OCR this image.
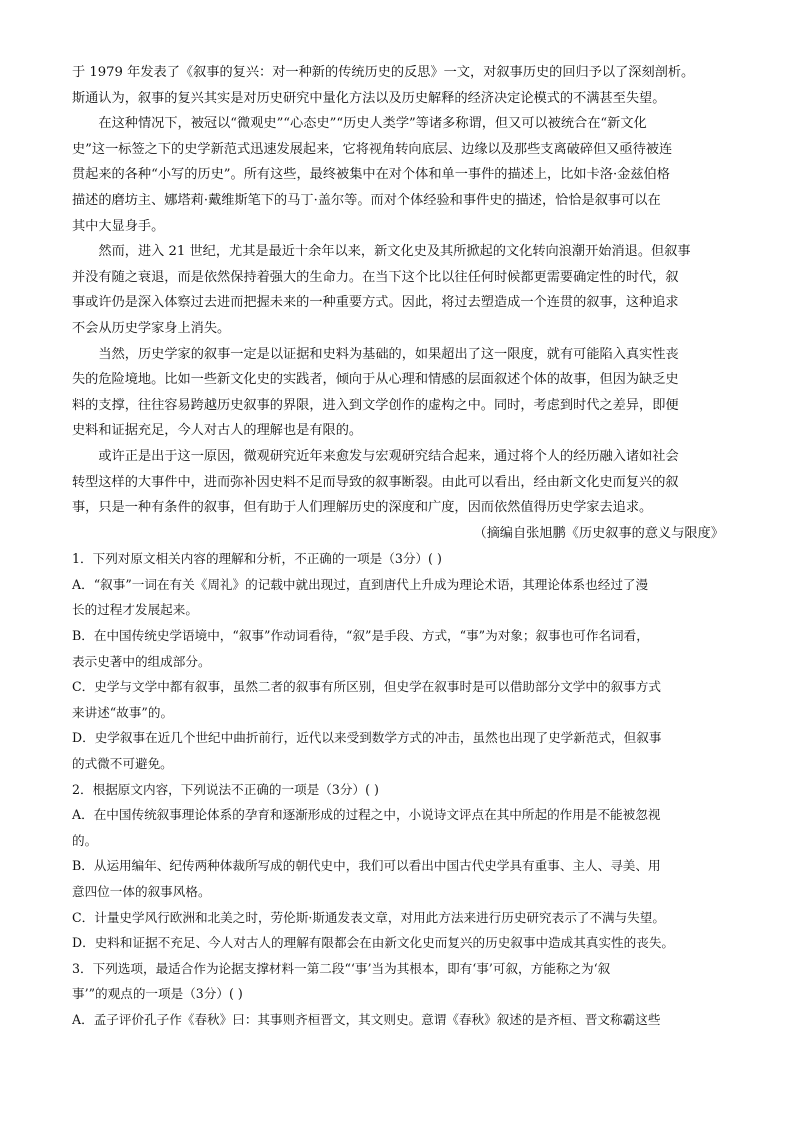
于 1979 年发表了《叙事的复兴：对一种新的传统历史的反思》一文，对叙事历史的回归予以了深刻剖析。
斯通认为，叙事的复兴其实是对历史研究中量化方法以及历史解释的经济决定论模式的不满甚至失望。
在这种情况下，被冠以“微观史”“心态史”“历史人类学”等诸多称谓，但又可以被统合在“新文化
史”这一标签之下的史学新范式迅速发展起来，它将视角转向底层、边缘以及那些支离破碎但又亟待被连
贯起来的各种“小写的历史”。所有这些，最终被集中在对个体和单一事件的描述上，比如卡洛·金兹伯格
描述的磨坊主、娜塔莉·戴维斯笔下的马丁·盖尔等。而对个体经验和事件史的描述，恰恰是叙事可以在
其中大显身手。
然而，进入 21 世纪，尤其是最近十余年以来，新文化史及其所掀起的文化转向浪潮开始消退。但叙事
并没有随之衰退，而是依然保持着强大的生命力。在当下这个比以往任何时候都更需要确定性的时代，叙
事或许仍是深入体察过去进而把握未来的一种重要方式。因此，将过去塑造成一个连贯的叙事，这种追求
不会从历史学家身上消失。
当然，历史学家的叙事一定是以证据和史料为基础的，如果超出了这一限度，就有可能陷入真实性丧
失的危险境地。比如一些新文化史的实践者，倾向于从心理和情感的层面叙述个体的故事，但因为缺乏史
料的支撑，往往容易跨越历史叙事的界限，进入到文学创作的虚构之中。同时，考虑到时代之差异，即便
史料和证据充足，今人对古人的理解也是有限的。
或许正是出于这一原因，微观研究近年来愈发与宏观研究结合起来，通过将个人的经历融入诸如社会
转型这样的大事件中，进而弥补因史料不足而导致的叙事断裂。由此可以看出，经由新文化史而复兴的叙
事，只是一种有条件的叙事，但有助于人们理解历史的深度和广度，因而依然值得历史学家去追求。
（摘编自张旭鹏《历史叙事的意义与限度》
1．下列对原文相关内容的理解和分析，不正确的一项是（3分）( )
A．“叙事”一词在有关《周礼》的记载中就出现过，直到唐代上升成为理论术语，其理论体系也经过了漫
长的过程才发展起来。
B．在中国传统史学语境中，“叙事”作动词看待，“叙”是手段、方式，“事”为对象；叙事也可作名词看，
表示史著中的组成部分。
C．史学与文学中都有叙事，虽然二者的叙事有所区别，但史学在叙事时是可以借助部分文学中的叙事方式
来讲述“故事”的。
D．史学叙事在近几个世纪中曲折前行，近代以来受到数学方式的冲击，虽然也出现了史学新范式，但叙事
的式微不可避免。
2．根据原文内容，下列说法不正确的一项是（3分）( )
A．在中国传统叙事理论体系的孕育和逐渐形成的过程之中，小说诗文评点在其中所起的作用是不能被忽视
的。
B．从运用编年、纪传两种体裁所写成的朝代史中，我们可以看出中国古代史学具有重事、主人、寻美、用
意四位一体的叙事风格。
C．计量史学风行欧洲和北美之时，劳伦斯·斯通发表文章，对用此方法来进行历史研究表示了不满与失望。
D．史料和证据不充足、今人对古人的理解有限都会在由新文化史而复兴的历史叙事中造成其真实性的丧失。
3．下列选项，最适合作为论据支撑材料一第二段“‘事’当为其根本，即有‘事’可叙，方能称之为‘叙
事’”的观点的一项是（3分）( )
A．孟子评价孔子作《春秋》曰：其事则齐桓晋文，其文则史。意谓《春秋》叙述的是齐桓、晋文称霸这些
